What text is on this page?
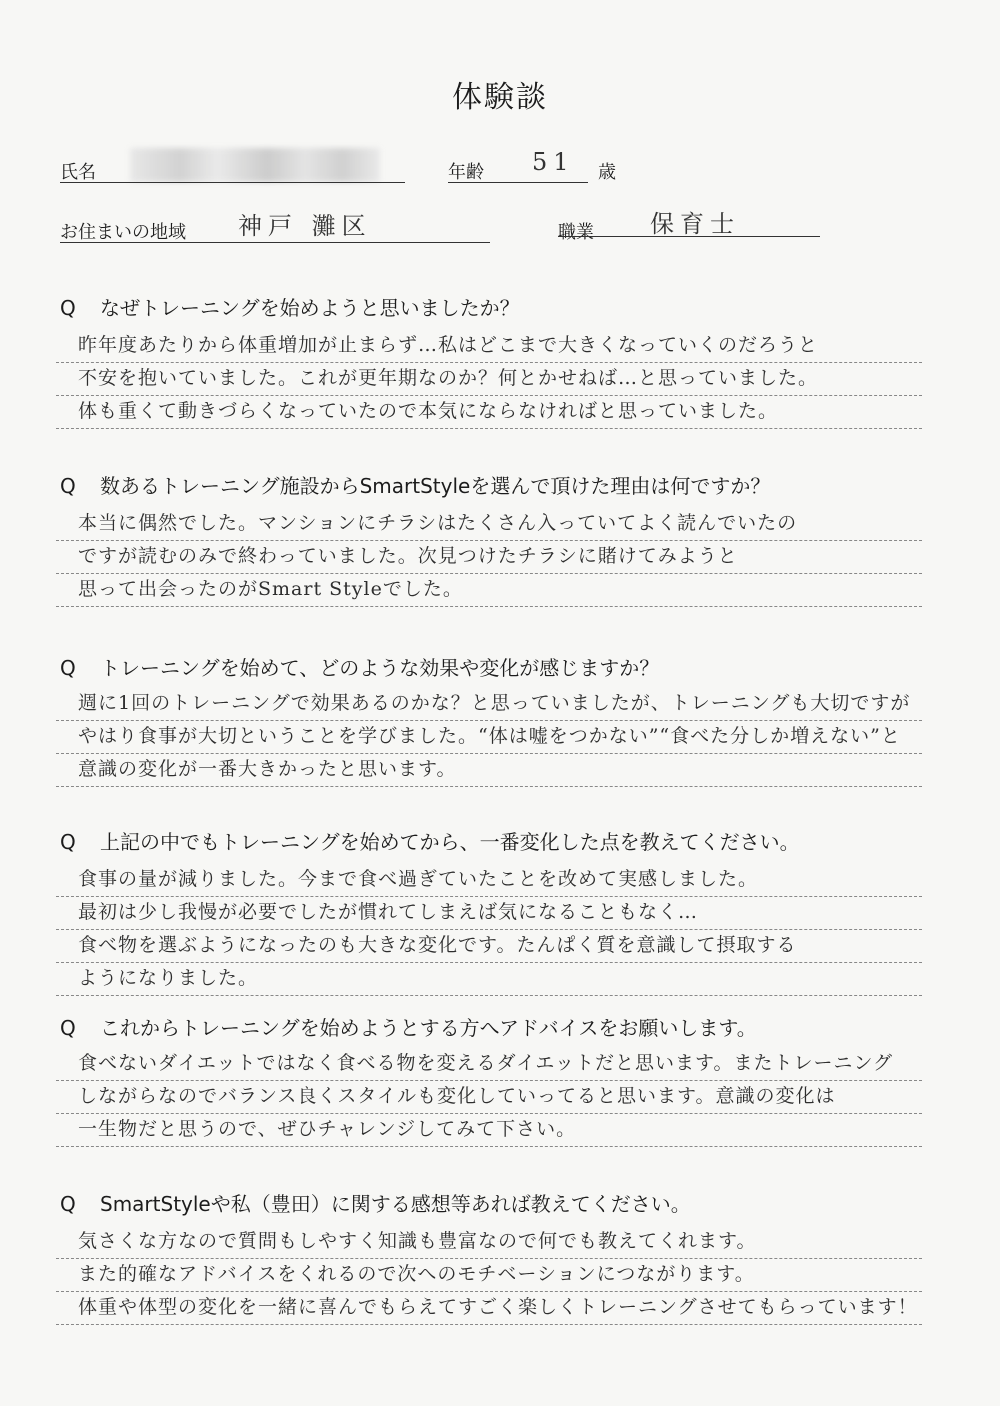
体験談
氏名	年齢 51 歳
お住まいの地域 神戸 灘区	職業 保育士
Q なぜトレーニングを始めようと思いましたか？
昨年度あたりから体重増加が止まらず…私はどこまで大きくなっていくのだろうと
不安を抱いていました。これが更年期なのか？何とかせねば…と思っていました。
体も重くて動きづらくなっていたので本気にならなければと思っていました。
Q 数あるトレーニング施設からSmartStyleを選んで頂けた理由は何ですか？
本当に偶然でした。マンションにチラシはたくさん入っていてよく読んでいたの
ですが読むのみで終わっていました。次見つけたチラシに賭けてみようと
思って出会ったのがSmart Styleでした。
Q トレーニングを始めて、どのような効果や変化が感じますか？
週に1回のトレーニングで効果あるのかな？と思っていましたが、トレーニングも大切ですが
やはり食事が大切ということを学びました。“体は嘘をつかない”“食べた分しか増えない”と
意識の変化が一番大きかったと思います。
Q 上記の中でもトレーニングを始めてから、一番変化した点を教えてください。
食事の量が減りました。今まで食べ過ぎていたことを改めて実感しました。
最初は少し我慢が必要でしたが慣れてしまえば気になることもなく…
食べ物を選ぶようになったのも大きな変化です。たんぱく質を意識して摂取する
ようになりました。
Q これからトレーニングを始めようとする方へアドバイスをお願いします。
食べないダイエットではなく食べる物を変えるダイエットだと思います。またトレーニング
しながらなのでバランス良くスタイルも変化していってると思います。意識の変化は
一生物だと思うので、ぜひチャレンジしてみて下さい。
Q SmartStyleや私（豊田）に関する感想等あれば教えてください。
気さくな方なので質問もしやすく知識も豊富なので何でも教えてくれます。
また的確なアドバイスをくれるので次へのモチベーションにつながります。
体重や体型の変化を一緒に喜んでもらえてすごく楽しくトレーニングさせてもらっています！
